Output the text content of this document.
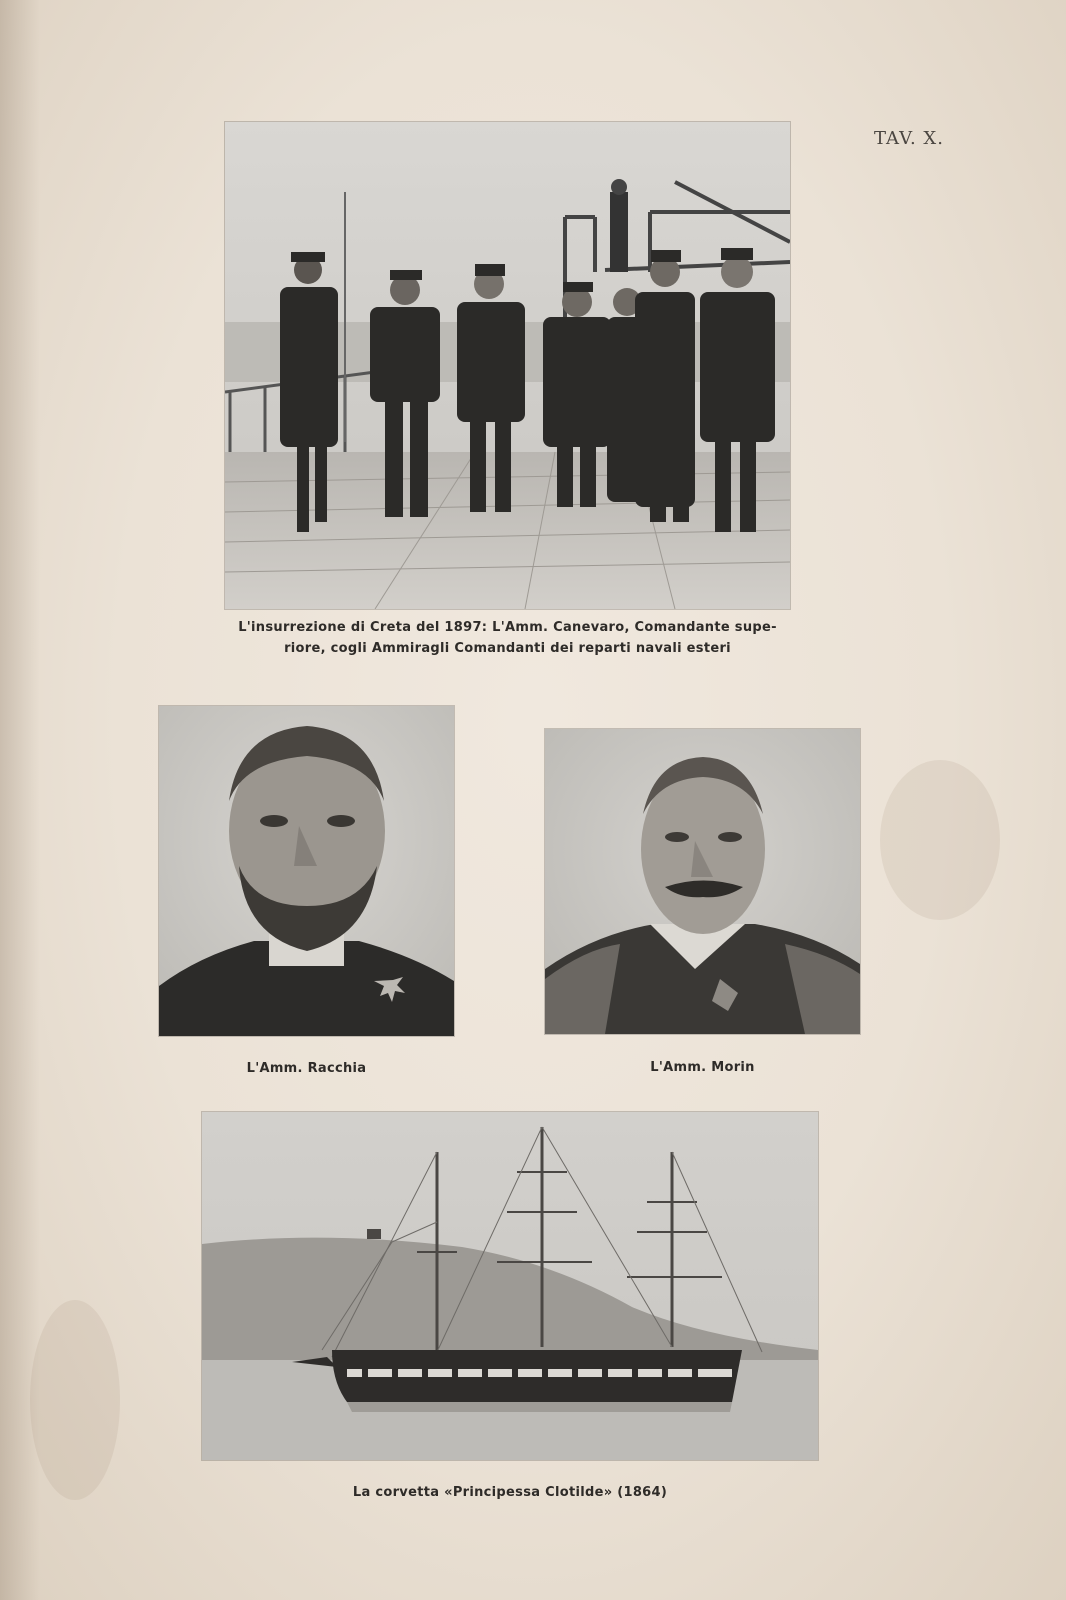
TAV. X.
L'insurrezione di Creta del 1897: L'Amm. Canevaro, Comandante supe-
riore, cogli Ammiragli Comandanti dei reparti navali esteri
L'Amm. Racchia	L'Amm. Morin
La corvetta «Principessa Clotilde» (1864)
